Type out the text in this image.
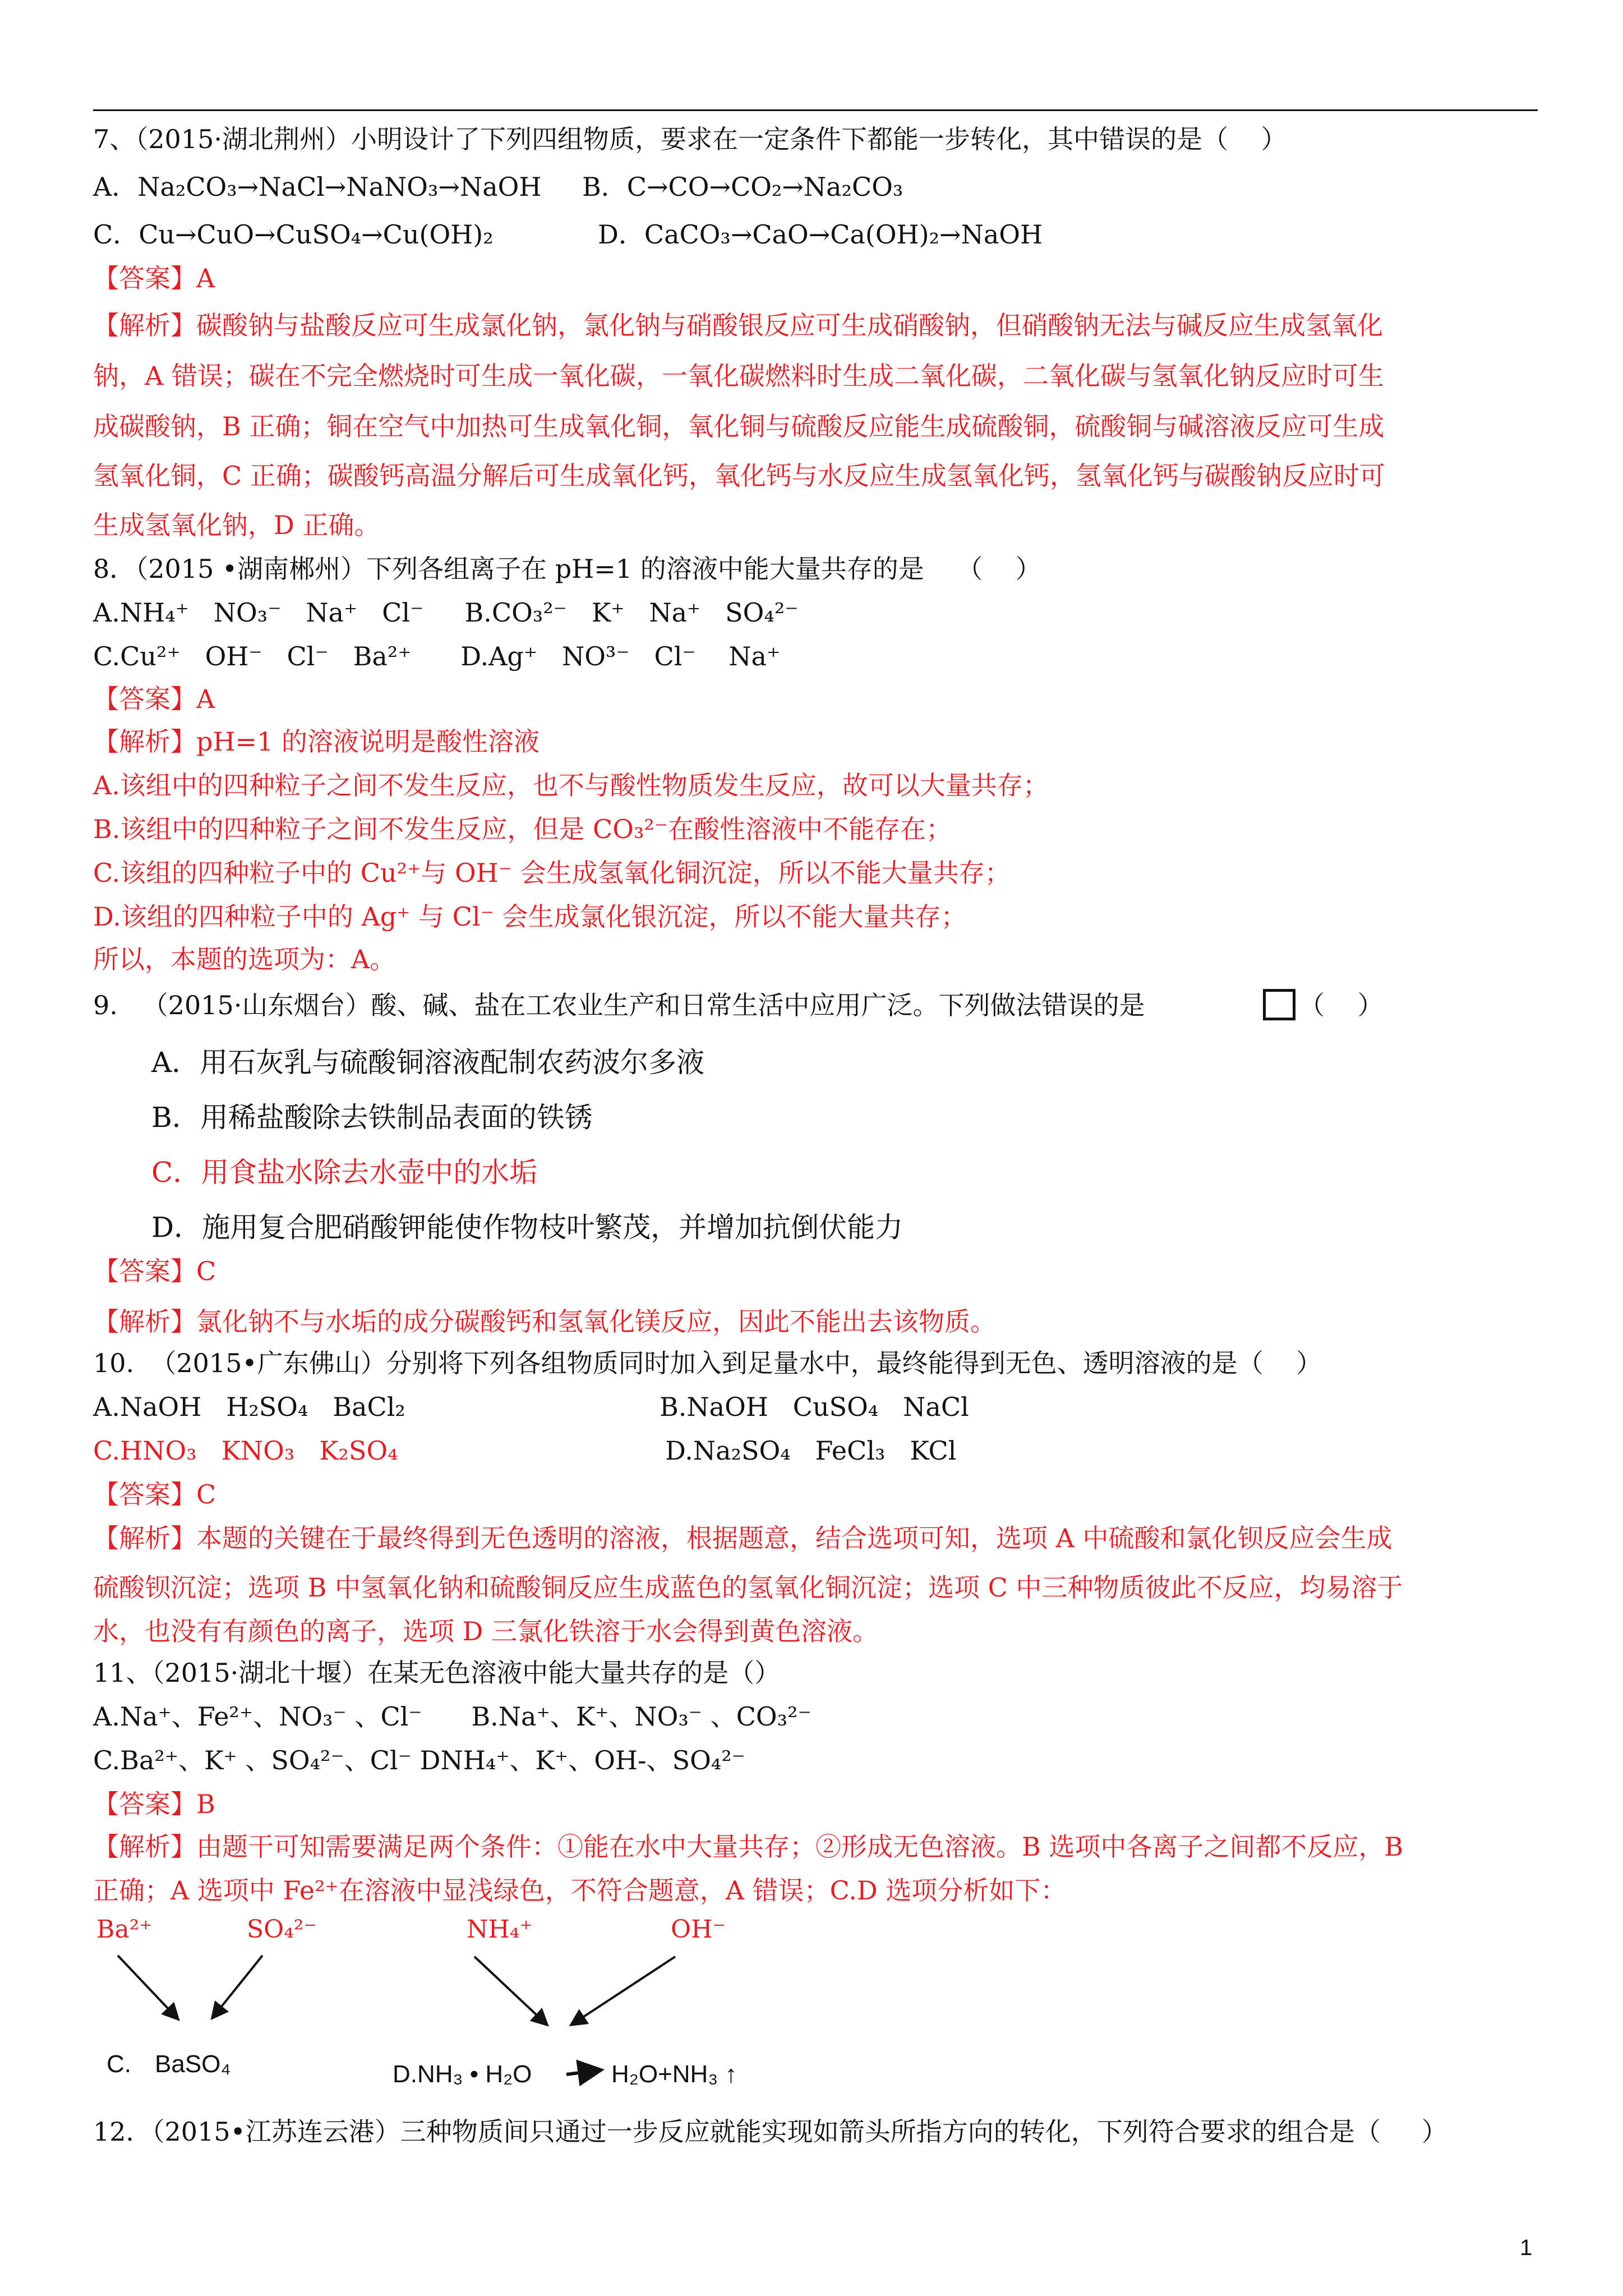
7、（2015·湖北荆州）小明设计了下列四组物质，要求在一定条件下都能一步转化，其中错误的是（    ）
A．Na₂CO₃→NaCl→NaNO₃→NaOH B．C→CO→CO₂→Na₂CO₃
C．Cu→CuO→CuSO₄→Cu(OH)₂	D．CaCO₃→CaO→Ca(OH)₂→NaOH
【答案】A
【解析】碳酸钠与盐酸反应可生成氯化钠，氯化钠与硝酸银反应可生成硝酸钠，但硝酸钠无法与碱反应生成氢氧化
钠，A 错误；碳在不完全燃烧时可生成一氧化碳，一氧化碳燃料时生成二氧化碳，二氧化碳与氢氧化钠反应时可生
成碳酸钠，B 正确；铜在空气中加热可生成氧化铜，氧化铜与硫酸反应能生成硫酸铜，硫酸铜与碱溶液反应可生成
氢氧化铜，C 正确；碳酸钙高温分解后可生成氧化钙，氧化钙与水反应生成氢氧化钙，氢氧化钙与碳酸钠反应时可
生成氢氧化钠，D 正确。
8．（2015 •湖南郴州）下列各组离子在 pH=1 的溶液中能大量共存的是    （    ）
A.NH₄⁺   NO₃⁻   Na⁺   Cl⁻     B.CO₃²⁻   K⁺   Na⁺   SO₄²⁻
C.Cu²⁺   OH⁻   Cl⁻   Ba²⁺      D.Ag⁺   NO³⁻   Cl⁻    Na⁺
【答案】A
【解析】pH=1 的溶液说明是酸性溶液
A.该组中的四种粒子之间不发生反应，也不与酸性物质发生反应，故可以大量共存；
B.该组中的四种粒子之间不发生反应，但是 CO₃²⁻在酸性溶液中不能存在；
C.该组的四种粒子中的 Cu²⁺与 OH⁻ 会生成氢氧化铜沉淀，所以不能大量共存；
D.该组的四种粒子中的 Ag⁺ 与 Cl⁻ 会生成氯化银沉淀，所以不能大量共存；
所以，本题的选项为：A。
9.   （2015·山东烟台）酸、碱、盐在工农业生产和日常生活中应用广泛。下列做法错误的是	（    ）
A．用石灰乳与硫酸铜溶液配制农药波尔多液
B．用稀盐酸除去铁制品表面的铁锈
C．用食盐水除去水壶中的水垢
D．施用复合肥硝酸钾能使作物枝叶繁茂，并增加抗倒伏能力
【答案】C
【解析】氯化钠不与水垢的成分碳酸钙和氢氧化镁反应，因此不能出去该物质。
10.  （2015•广东佛山）分别将下列各组物质同时加入到足量水中，最终能得到无色、透明溶液的是（    ）
A.NaOH   H₂SO₄   BaCl₂	B.NaOH   CuSO₄   NaCl
C.HNO₃   KNO₃   K₂SO₄	D.Na₂SO₄   FeCl₃   KCl
【答案】C
【解析】本题的关键在于最终得到无色透明的溶液，根据题意，结合选项可知，选项 A 中硫酸和氯化钡反应会生成
硫酸钡沉淀；选项 B 中氢氧化钠和硫酸铜反应生成蓝色的氢氧化铜沉淀；选项 C 中三种物质彼此不反应，均易溶于
水，也没有有颜色的离子，选项 D 三氯化铁溶于水会得到黄色溶液。
11、（2015·湖北十堰）在某无色溶液中能大量共存的是（）
A.Na⁺、Fe²⁺、NO₃⁻ 、Cl⁻      B.Na⁺、K⁺、NO₃⁻ 、CO₃²⁻
C.Ba²⁺、K⁺ 、SO₄²⁻、Cl⁻ DNH₄⁺、K⁺、OH-、SO₄²⁻
【答案】B
【解析】由题干可知需要满足两个条件：①能在水中大量共存；②形成无色溶液。B 选项中各离子之间都不反应，B
正确；A 选项中 Fe²⁺在溶液中显浅绿色，不符合题意，A 错误；C.D 选项分析如下：
Ba²⁺	SO₄²⁻	NH₄⁺	OH⁻
C. BaSO₄	D.NH₃ • H₂O	H₂O+NH₃ ↑
12．（2015•江苏连云港）三种物质间只通过一步反应就能实现如箭头所指方向的转化，下列符合要求的组合是（     ）
1
